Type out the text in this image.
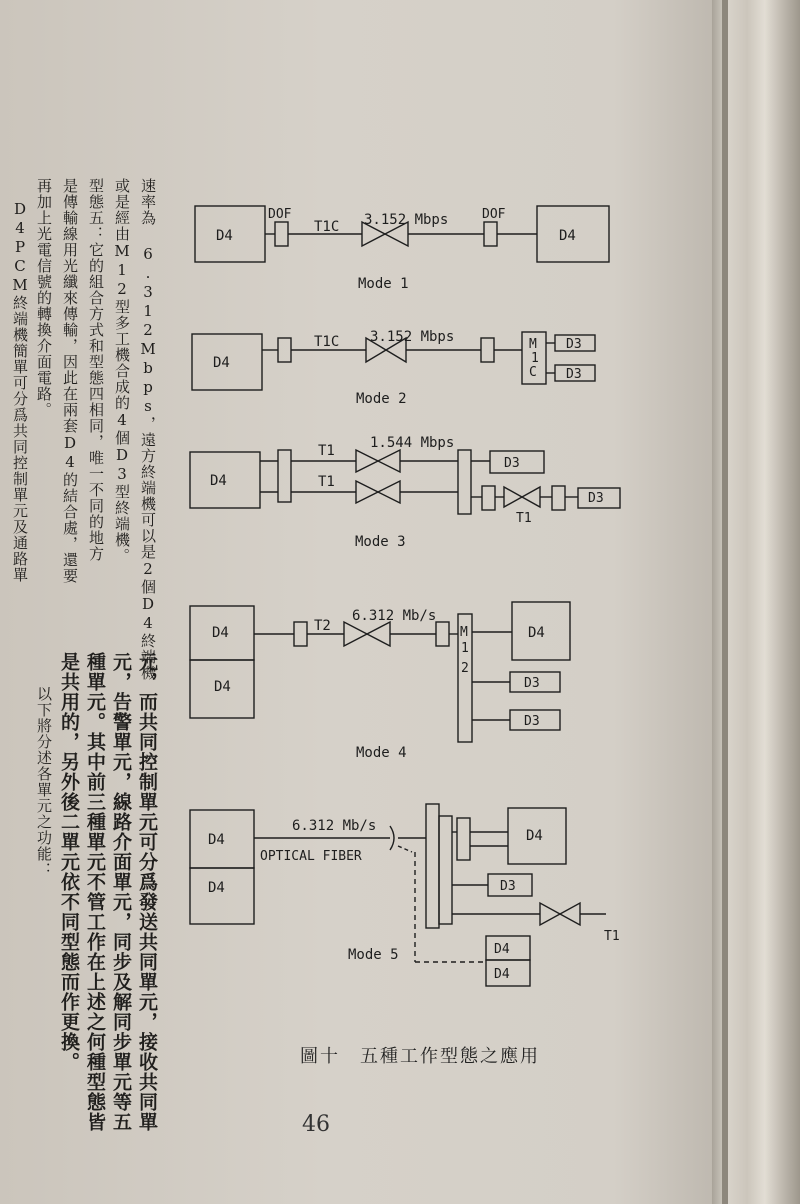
速率為 6.312Mbps，遠方終端機可以是2個D4終端機
或是經由M12型多工機合成的4個D3型終端機。
型態五：它的組合方式和型態四相同，唯一不同的地方
是傳輸線用光纖來傳輸，因此在兩套D4的結合處，還要
再加上光電信號的轉換介面電路。
D4PCM終端機簡單可分爲共同控制單元及通路單
元，而共同控制單元可分爲發送共同單元，接收共同單
元，告警單元，線路介面單元，同步及解同步單元等五
種單元。其中前三種單元不管工作在上述之何種型態皆
是共用的，另外後二單元依不同型態而作更換。
以下將分述各單元之功能：
D4
DOF
T1C 3.152 Mbps	DOF
D4
Mode 1
D4
T1C 3.152 Mbps	M
1
C
D3
D3
Mode 2
D4
T1	1.544 Mbps
T1
D3
T1
D3
Mode 3
D4
D4
T2
6.312 Mb/s
M
1
2
D4
D3
D3
Mode 4
D4
D4
6.312 Mb/s
OPTICAL FIBER
D4
D3
T1
D4
D4
Mode 5
圖十　五種工作型態之應用
46
